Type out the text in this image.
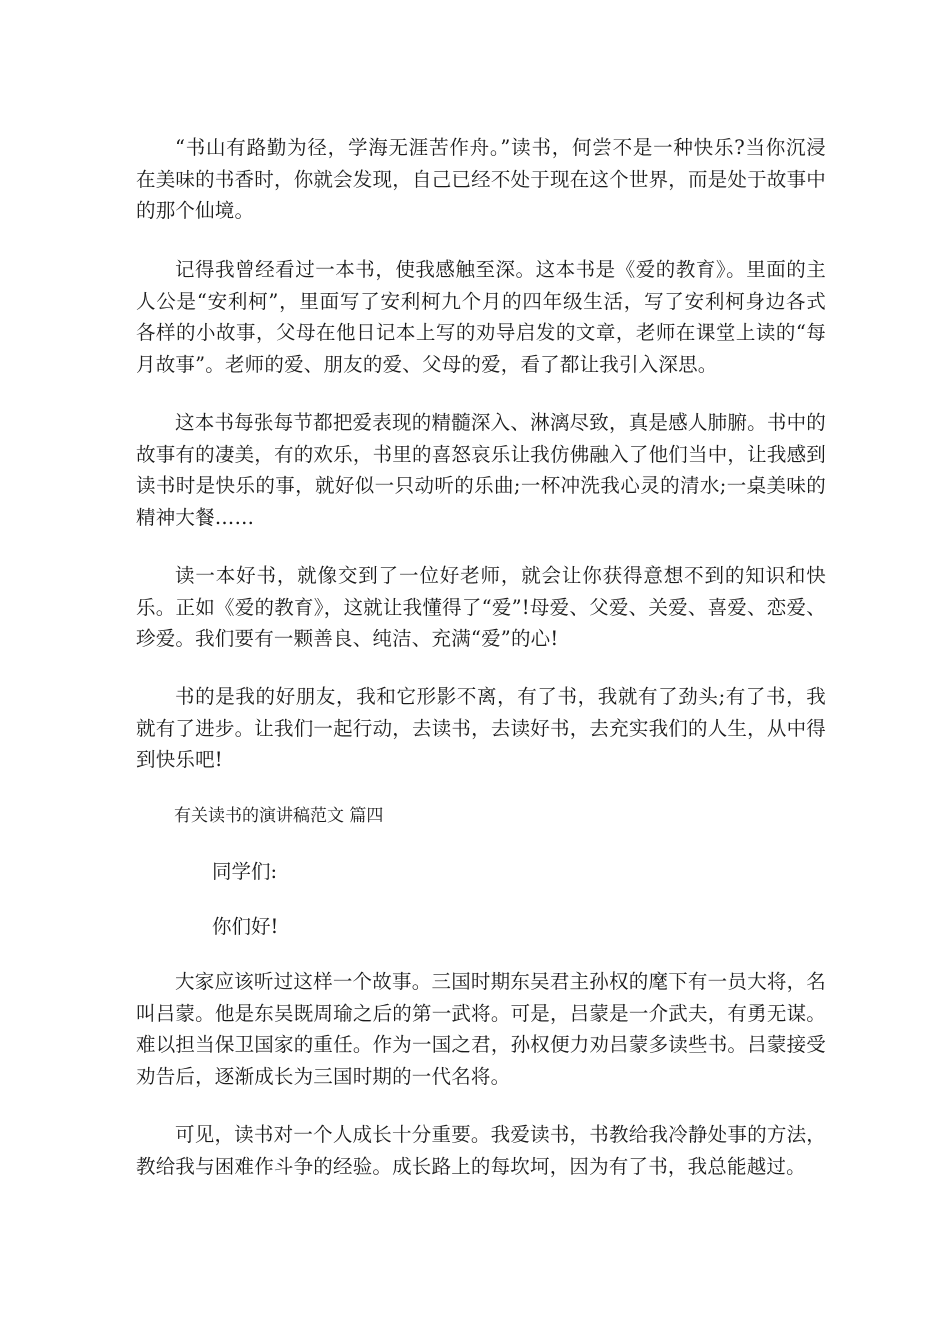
“书山有路勤为径，学海无涯苦作舟。”读书，何尝不是一种快乐?当你沉浸在美味的书香时，你就会发现，自己已经不处于现在这个世界，而是处于故事中的那个仙境。

记得我曾经看过一本书，使我感触至深。这本书是《爱的教育》。里面的主人公是“安利柯”，里面写了安利柯九个月的四年级生活，写了安利柯身边各式各样的小故事，父母在他日记本上写的劝导启发的文章，老师在课堂上读的“每月故事”。老师的爱、朋友的爱、父母的爱，看了都让我引入深思。

这本书每张每节都把爱表现的精髓深入、淋漓尽致，真是感人肺腑。书中的故事有的凄美，有的欢乐，书里的喜怒哀乐让我仿佛融入了他们当中，让我感到读书时是快乐的事，就好似一只动听的乐曲;一杯冲洗我心灵的清水;一桌美味的精神大餐……

读一本好书，就像交到了一位好老师，就会让你获得意想不到的知识和快乐。正如《爱的教育》，这就让我懂得了“爱”!母爱、父爱、关爱、喜爱、恋爱、珍爱。我们要有一颗善良、纯洁、充满“爱”的心!

书的是我的好朋友，我和它形影不离，有了书，我就有了劲头;有了书，我就有了进步。让我们一起行动，去读书，去读好书，去充实我们的人生，从中得到快乐吧!

有关读书的演讲稿范文 篇四
同学们:
你们好!

大家应该听过这样一个故事。三国时期东吴君主孙权的麾下有一员大将，名叫吕蒙。他是东吴既周瑜之后的第一武将。可是，吕蒙是一介武夫，有勇无谋。难以担当保卫国家的重任。作为一国之君，孙权便力劝吕蒙多读些书。吕蒙接受劝告后，逐渐成长为三国时期的一代名将。

可见，读书对一个人成长十分重要。我爱读书，书教给我冷静处事的方法，教给我与困难作斗争的经验。成长路上的每坎坷，因为有了书，我总能越过。
